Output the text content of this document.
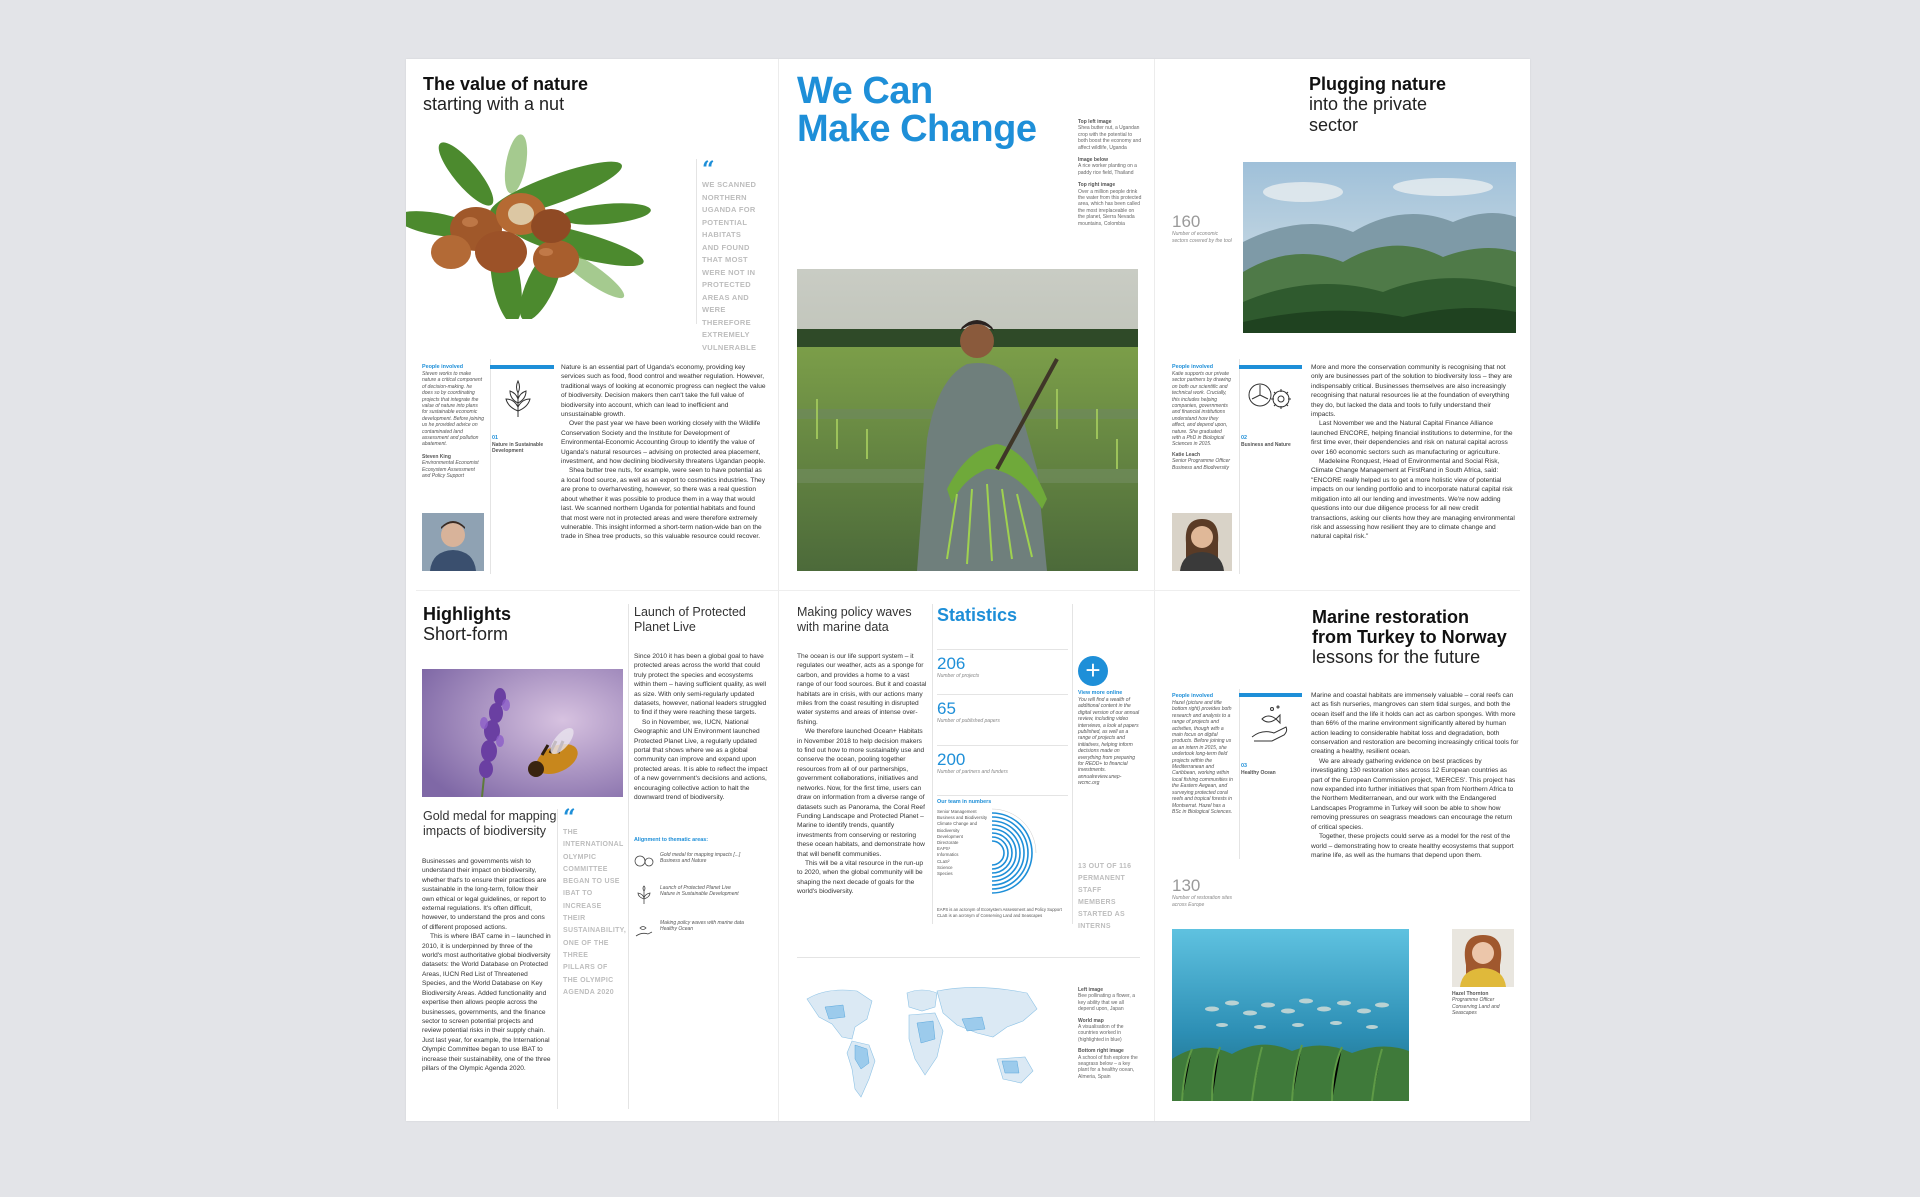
The value of nature
starting with a nut
“
WE SCANNED NORTHERN UGANDA FOR POTENTIAL HABITATS AND FOUND THAT MOST WERE NOT IN PROTECTED AREAS AND WERE THEREFORE EXTREMELY VULNERABLE
People involved
Steven works to make nature a critical component of decision-making. he does so by coordinating projects that integrate the value of nature into plans for sustainable economic development. Before joining us he provided advice on contaminated land assessment and pollution abatement.
Steven King
Environmental Economist Ecosystem Assessment and Policy Support
01
Nature in Sustainable Development

Nature is an essential part of Uganda's economy, providing key services such as food, flood control and weather regulation. However, traditional ways of looking at economic progress can neglect the value of biodiversity. Decision makers then can't take the full value of biodiversity into account, which can lead to inefficient and unsustainable growth.

Over the past year we have been working closely with the Wildlife Conservation Society and the Institute for Development of Environmental-Economic Accounting Group to identify the value of Uganda's natural resources – advising on protected area placement, investment, and how declining biodiversity threatens Ugandan people.

Shea butter tree nuts, for example, were seen to have potential as a local food source, as well as an export to cosmetics industries. They are prone to overharvesting, however, so there was a real question about whether it was possible to produce them in a way that would last. We scanned northern Uganda for potential habitats and found that most were not in protected areas and were therefore extremely vulnerable. This insight informed a short-term nation-wide ban on the trade in Shea tree products, so this valuable resource could recover.

We Can
Make Change	Top left image
Shea butter nut, a Ugandan crop with the potential to both boost the economy and affect wildlife, Uganda
Image below
A rice worker planting on a paddy rice field, Thailand
Top right image
Over a million people drink the water from this protected area, which has been called the most irreplaceable on the planet, Sierra Nevada mountains, Colombia
Plugging nature
into the private sector
160
Number of economic sectors covered by the tool
People involved
Katie supports our private sector partners by drawing on both our scientific and technical work. Crucially, this includes helping companies, governments and financial institutions understand how they affect, and depend upon, nature. She graduated with a PhD in Biological Sciences in 2015.
Katie Leach
Senior Programme Officer Business and Biodiversity
02
Business and Nature

More and more the conservation community is recognising that not only are businesses part of the solution to biodiversity loss – they are indispensably critical. Businesses themselves are also increasingly recognising that natural resources lie at the foundation of everything they do, but lacked the data and tools to fully understand their impacts.

Last November we and the Natural Capital Finance Alliance launched ENCORE, helping financial institutions to determine, for the first time ever, their dependencies and risk on natural capital across over 160 economic sectors such as manufacturing or agriculture.

Madeleine Ronquest, Head of Environmental and Social Risk, Climate Change Management at FirstRand in South Africa, said: "ENCORE really helped us to get a more holistic view of potential impacts on our lending portfolio and to incorporate natural capital risk mitigation into all our lending and investments. We're now adding questions into our due diligence process for all new credit transactions, asking our clients how they are managing environmental risk and assessing how resilient they are to climate change and natural capital risk."

Highlights
Short-form
Gold medal for mapping impacts of biodiversity

Businesses and governments wish to understand their impact on biodiversity, whether that's to ensure their practices are sustainable in the long-term, follow their own ethical or legal guidelines, or report to external regulations. It's often difficult, however, to understand the pros and cons of different proposed actions.

This is where IBAT came in – launched in 2010, it is underpinned by three of the world's most authoritative global biodiversity datasets: the World Database on Protected Areas, IUCN Red List of Threatened Species, and the World Database on Key Biodiversity Areas. Added functionality and expertise then allows people across the businesses, governments, and the finance sector to screen potential projects and review potential risks in their supply chain. Just last year, for example, the International Olympic Committee began to use IBAT to increase their sustainability, one of the three pillars of the Olympic Agenda 2020.

“
THE INTERNATIONAL OLYMPIC COMMITTEE BEGAN TO USE IBAT TO INCREASE THEIR SUSTAINABILITY, ONE OF THE THREE PILLARS OF THE OLYMPIC AGENDA 2020
Launch of Protected Planet Live

Since 2010 it has been a global goal to have protected areas across the world that could truly protect the species and ecosystems within them – having sufficient quality, as well as size. With only semi-regularly updated datasets, however, national leaders struggled to find if they were reaching these targets.

So in November, we, IUCN, National Geographic and UN Environment launched Protected Planet Live, a regularly updated portal that shows where we as a global community can improve and expand upon protected areas. It is able to reflect the impact of a new government's decisions and actions, encouraging collective action to halt the downward trend of biodiversity.

Alignment to thematic areas:
Gold medal for mapping impacts [...]
Business and Nature
Launch of Protected Planet Live
Nature in Sustainable Development
Making policy waves with marine data
Healthy Ocean
Making policy waves with marine data

The ocean is our life support system – it regulates our weather, acts as a sponge for carbon, and provides a home to a vast range of our food sources. But it and coastal habitats are in crisis, with our actions many miles from the coast resulting in disrupted water systems and areas of intense over-fishing.

We therefore launched Ocean+ Habitats in November 2018 to help decision makers to find out how to more sustainably use and conserve the ocean, pooling together resources from all of our partnerships, government collaborations, initiatives and networks. Now, for the first time, users can draw on information from a diverse range of datasets such as Panorama, the Coral Reef Funding Landscape and Protected Planet – Marine to identify trends, quantify investments from conserving or restoring these ocean habitats, and demonstrate how that will benefit communities.

This will be a vital resource in the run-up to 2020, when the global community will be shaping the next decade of goals for the world's biodiversity.

Statistics
206
Number of projects
65
Number of published papers
200
Number of partners and funders
Our team in numbers
Senior Management
Business and Biodiversity
Climate Change and Biodiversity
Development
Directorate
EAPS¹
Informatics
CLaS²
Science
Species
EAPS is an acronym of Ecosystem Assessment and Policy Support
CLaS is an acronym of Conserving Land and Seascapes
+
View more online
You will find a wealth of additional content in the digital version of our annual review, including video interviews, a look at papers published, as well as a range of projects and initiatives, helping inform decisions made on everything from preparing for REDD+ to financial investments.
annualreview.unep-wcmc.org
13 OUT OF 116 PERMANENT STAFF MEMBERS STARTED AS INTERNS
Left image
Bee pollinating a flower, a key ability that we all depend upon, Japan
World map
A visualisation of the countries worked in (highlighted in blue)
Bottom right image
A school of fish explore the seagrass below – a key plant for a healthy ocean, Almeria, Spain
Marine restoration
from Turkey to Norway
lessons for the future
People involved
Hazel (picture and title bottom right) provides both research and analysis to a range of projects and activities, though with a main focus on digital products. Before joining us as an intern in 2015, she undertook long-term field projects within the Mediterranean and Caribbean, working within local fishing communities in the Eastern Aegean, and surveying protected coral reefs and tropical forests in Montserrat. Hazel has a BSc in Biological Sciences.
130
Number of restoration sites across Europe
03
Healthy Ocean

Marine and coastal habitats are immensely valuable – coral reefs can act as fish nurseries, mangroves can stem tidal surges, and both the ocean itself and the life it holds can act as carbon sponges. With more than 66% of the marine environment significantly altered by human action leading to considerable habitat loss and degradation, both conservation and restoration are becoming increasingly critical tools for creating a healthy, resilient ocean.

We are already gathering evidence on best practices by investigating 130 restoration sites across 12 European countries as part of the European Commission project, 'MERCES'. This project has now expanded into further initiatives that span from Northern Africa to the Northern Mediterranean, and our work with the Endangered Landscapes Programme in Turkey will soon be able to show how removing pressures on seagrass meadows can encourage the return of critical species.

Together, these projects could serve as a model for the rest of the world – demonstrating how to create healthy ecosystems that support marine life, as well as the humans that depend upon them.

Hazel Thornton
Programme Officer Conserving Land and Seascapes
